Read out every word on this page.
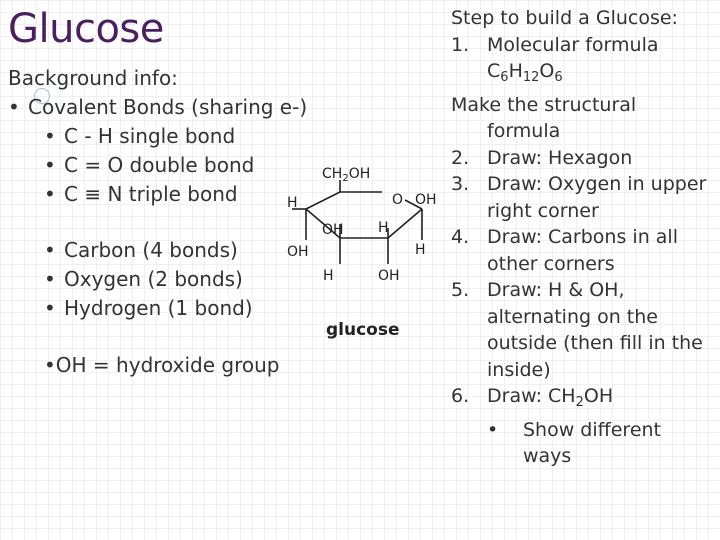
Glucose
Background info:
• Covalent Bonds (sharing e-)
• C - H single bond
• C = O double bond
• C ≡ N triple bond
• Carbon (4 bonds)
• Oxygen (2 bonds)
• Hydrogen (1 bond)
•OH = hydroxide group
$CH_2OH$
O
H
OH
OH H
H
OH
H	OH
glucose
Step to build a Glucose:
1. Molecular formula
$C_6H_{12}O_6$
Make the structural
formula
2. Draw: Hexagon
3. Draw: Oxygen in upper
right corner
4. Draw: Carbons in all
other corners
5. Draw: H & OH,
alternating on the
outside (then fill in the
inside)
6. Draw: $CH_2OH$
• Show different
ways
